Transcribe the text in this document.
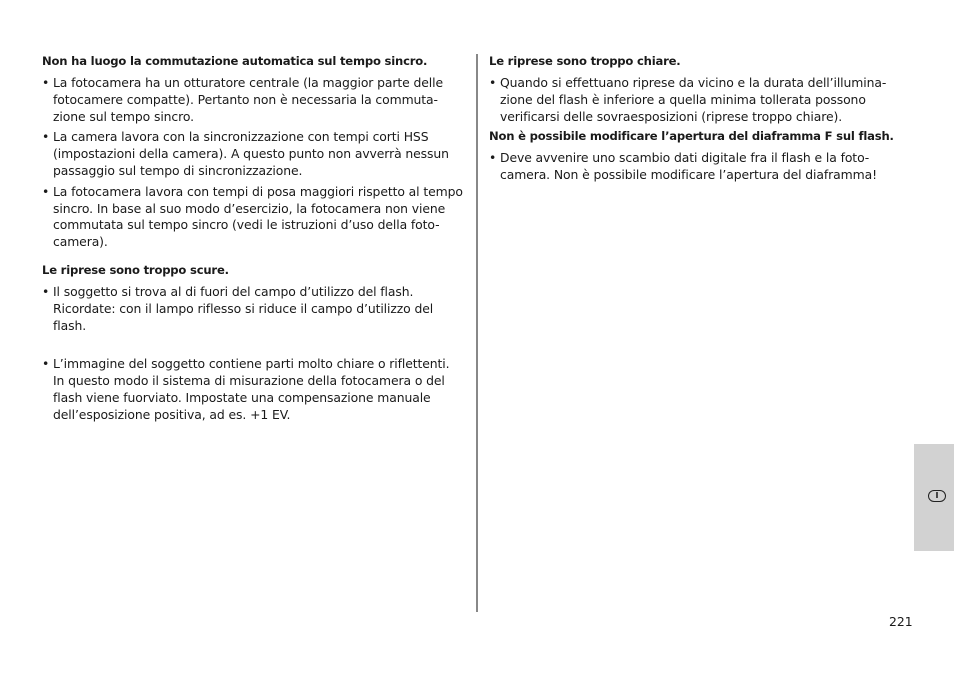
Non ha luogo la commutazione automatica sul tempo sincro.
• La fotocamera ha un otturatore centrale (la maggior parte delle
fotocamere compatte). Pertanto non è necessaria la commuta-
zione sul tempo sincro.
• La camera lavora con la sincronizzazione con tempi corti HSS
(impostazioni della camera). A questo punto non avverrà nessun
passaggio sul tempo di sincronizzazione.
• La fotocamera lavora con tempi di posa maggiori rispetto al tempo
sincro. In base al suo modo d’esercizio, la fotocamera non viene
commutata sul tempo sincro (vedi le istruzioni d’uso della foto-
camera).
Le riprese sono troppo scure.
• Il soggetto si trova al di fuori del campo d’utilizzo del flash.
Ricordate: con il lampo riflesso si riduce il campo d’utilizzo del
flash.
• L’immagine del soggetto contiene parti molto chiare o riflettenti.
In questo modo il sistema di misurazione della fotocamera o del
flash viene fuorviato. Impostate una compensazione manuale
dell’esposizione positiva, ad es. +1 EV.
Le riprese sono troppo chiare.
• Quando si effettuano riprese da vicino e la durata dell’illumina-
zione del flash è inferiore a quella minima tollerata possono
verificarsi delle sovraesposizioni (riprese troppo chiare).
Non è possibile modificare l’apertura del diaframma F sul flash.
• Deve avvenire uno scambio dati digitale fra il flash e la foto-
camera. Non è possibile modificare l’apertura del diaframma!
I
221
